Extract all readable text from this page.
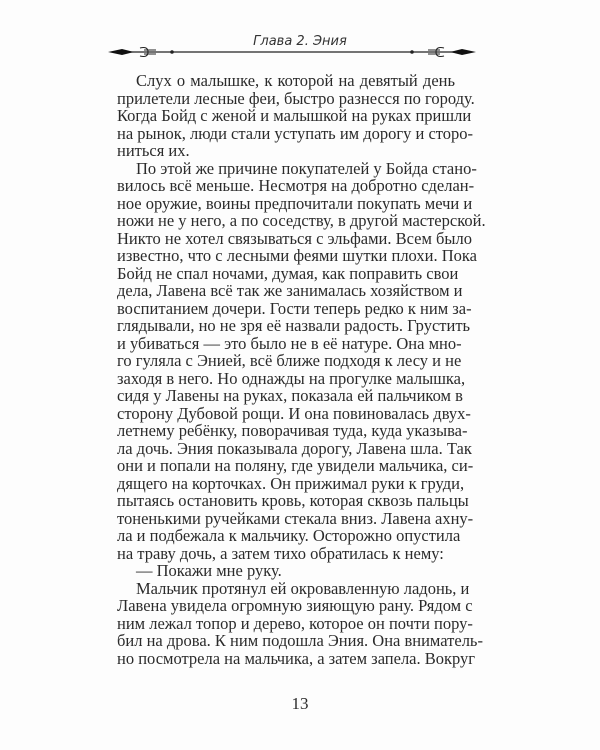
Глава 2. Эния
Слух о малышке, к которой на девятый день
прилетели лесные феи, быстро разнесся по городу.
Когда Бойд с женой и малышкой на руках пришли
на рынок, люди стали уступать им дорогу и сторо-
ниться их.
По этой же причине покупателей у Бойда стано-
вилось всё меньше. Несмотря на добротно сделан-
ное оружие, воины предпочитали покупать мечи и
ножи не у него, а по соседству, в другой мастерской.
Никто не хотел связываться с эльфами. Всем было
известно, что с лесными феями шутки плохи. Пока
Бойд не спал ночами, думая, как поправить свои
дела, Лавена всё так же занималась хозяйством и
воспитанием дочери. Гости теперь редко к ним за-
глядывали, но не зря её назвали радость. Грустить
и убиваться — это было не в её натуре. Она мно-
го гуляла с Энией, всё ближе подходя к лесу и не
заходя в него. Но однажды на прогулке малышка,
сидя у Лавены на руках, показала ей пальчиком в
сторону Дубовой рощи. И она повиновалась двух-
летнему ребёнку, поворачивая туда, куда указыва-
ла дочь. Эния показывала дорогу, Лавена шла. Так
они и попали на поляну, где увидели мальчика, си-
дящего на корточках. Он прижимал руки к груди,
пытаясь остановить кровь, которая сквозь пальцы
тоненькими ручейками стекала вниз. Лавена ахну-
ла и подбежала к мальчику. Осторожно опустила
на траву дочь, а затем тихо обратилась к нему:
— Покажи мне руку.
Мальчик протянул ей окровавленную ладонь, и
Лавена увидела огромную зияющую рану. Рядом с
ним лежал топор и дерево, которое он почти пору-
бил на дрова. К ним подошла Эния. Она вниматель-
но посмотрела на мальчика, а затем запела. Вокруг
13
